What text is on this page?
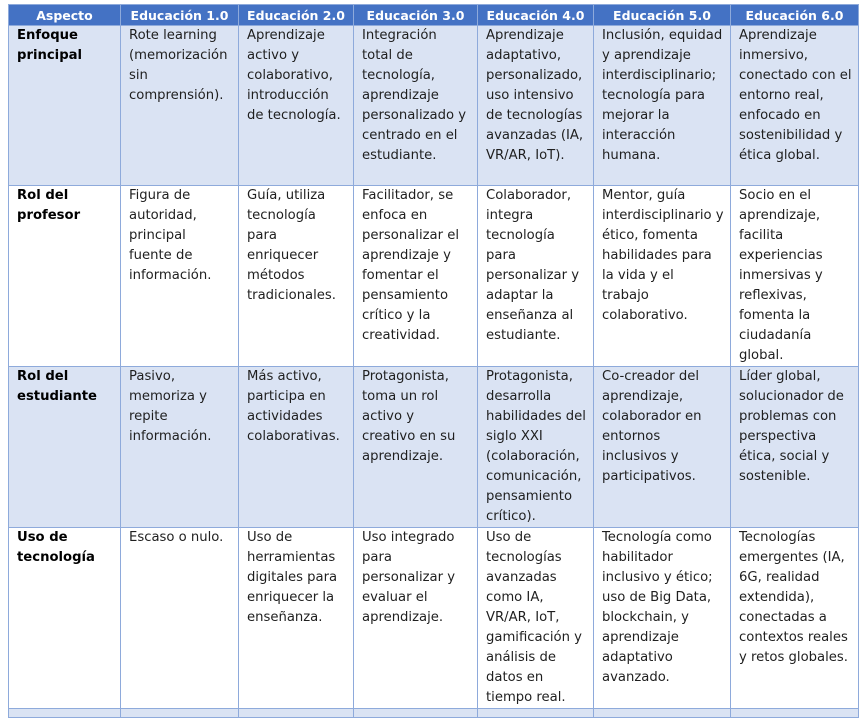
Aspecto	Educación 1.0	Educación 2.0	Educación 3.0	Educación 4.0	Educación 5.0	Educación 6.0
Enfoque principal	Rote learning (memorización sin comprensión).	Aprendizaje activo y colaborativo, introducción de tecnología.	Integración total de tecnología, aprendizaje personalizado y centrado en el estudiante.	Aprendizaje adaptativo, personalizado, uso intensivo de tecnologías avanzadas (IA, VR/AR, IoT).	Inclusión, equidad y aprendizaje interdisciplinario; tecnología para mejorar la interacción humana.	Aprendizaje inmersivo, conectado con el entorno real, enfocado en sostenibilidad y ética global.
Rol del profesor	Figura de autoridad, principal fuente de información.	Guía, utiliza tecnología para enriquecer métodos tradicionales.	Facilitador, se enfoca en personalizar el aprendizaje y fomentar el pensamiento crítico y la creatividad.	Colaborador, integra tecnología para personalizar y adaptar la enseñanza al estudiante.	Mentor, guía interdisciplinario y ético, fomenta habilidades para la vida y el trabajo colaborativo.	Socio en el aprendizaje, facilita experiencias inmersivas y reflexivas, fomenta la ciudadanía global.
Rol del estudiante	Pasivo, memoriza y repite información.	Más activo, participa en actividades colaborativas.	Protagonista, toma un rol activo y creativo en su aprendizaje.	Protagonista, desarrolla habilidades del siglo XXI (colaboración, comunicación, pensamiento crítico).	Co-creador del aprendizaje, colaborador en entornos inclusivos y participativos.	Líder global, solucionador de problemas con perspectiva ética, social y sostenible.
Uso de tecnología	Escaso o nulo.	Uso de herramientas digitales para enriquecer la enseñanza.	Uso integrado para personalizar y evaluar el aprendizaje.	Uso de tecnologías avanzadas como IA, VR/AR, IoT, gamificación y análisis de datos en tiempo real.	Tecnología como habilitador inclusivo y ético; uso de Big Data, blockchain, y aprendizaje adaptativo avanzado.	Tecnologías emergentes (IA, 6G, realidad extendida), conectadas a contextos reales y retos globales.
